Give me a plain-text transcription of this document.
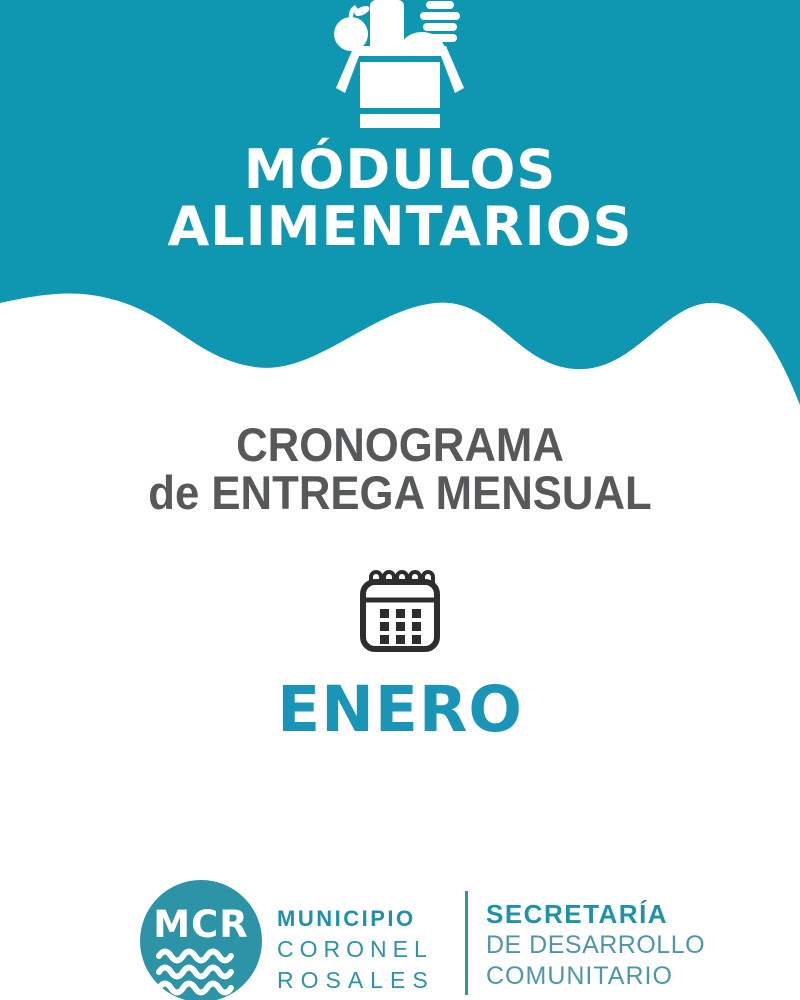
MÓDULOS
ALIMENTARIOS
CRONOGRAMA
de ENTREGA MENSUAL
ENERO
MCR MUNICIPIO
CORONEL
ROSALES
SECRETARÍA
DE DESARROLLO
COMUNITARIO
